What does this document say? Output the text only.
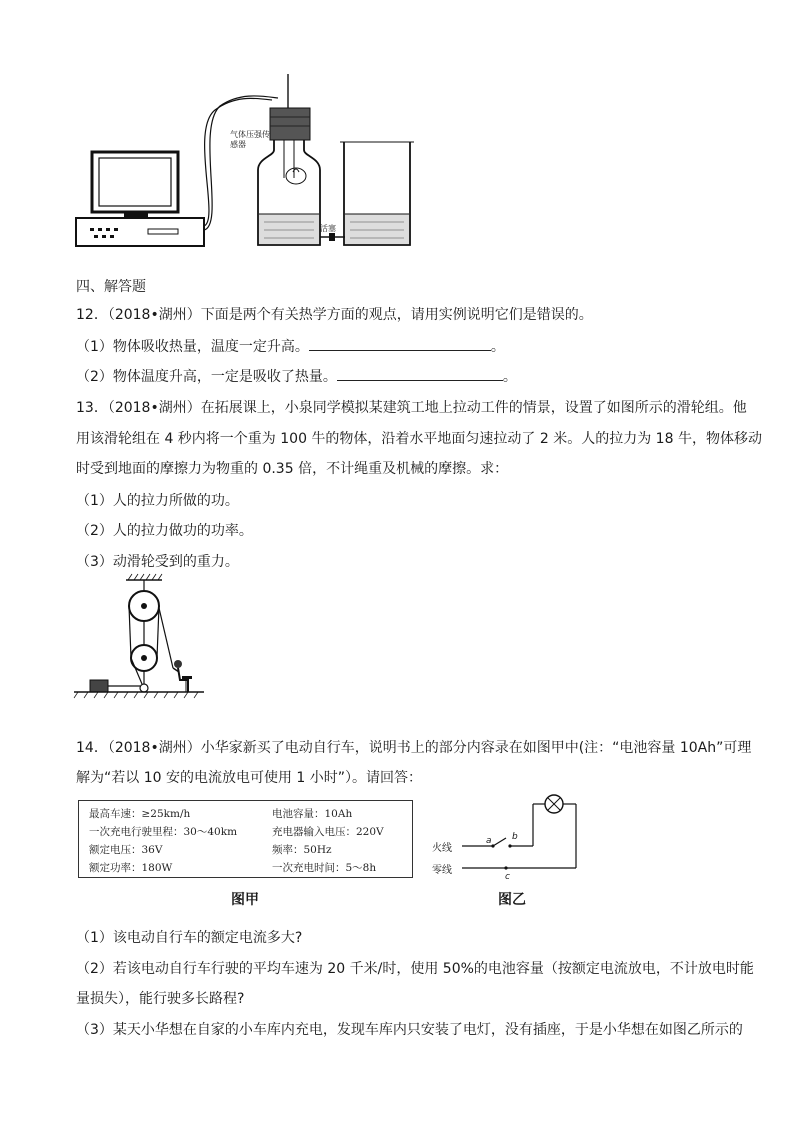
气体压强传感器
活塞
四、解答题
12．（2018•湖州）下面是两个有关热学方面的观点，请用实例说明它们是错误的。
（1）物体吸收热量，温度一定升高。	。
（2）物体温度升高，一定是吸收了热量。	。
13．（2018•湖州）在拓展课上，小泉同学模拟某建筑工地上拉动工件的情景，设置了如图所示的滑轮组。他
用该滑轮组在 4 秒内将一个重为 100 牛的物体，沿着水平地面匀速拉动了 2 米。人的拉力为 18 牛，物体移动
时受到地面的摩擦力为物重的 0.35 倍，不计绳重及机械的摩擦。求：
（1）人的拉力所做的功。
（2）人的拉力做功的功率。
（3）动滑轮受到的重力。
14．（2018•湖州）小华家新买了电动自行车，说明书上的部分内容录在如图甲中(注：“电池容量 10Ah”可理
解为“若以 10 安的电流放电可使用 1 小时”）。请回答：
最高车速：≥25km/h
一次充电行驶里程：30～40km
额定电压：36V
额定功率：180W
电池容量：10Ah
充电器输入电压：220V
频率：50Hz
一次充电时间：5～8h
图甲
火线
零线
a b
c
图乙
（1）该电动自行车的额定电流多大?
（2）若该电动自行车行驶的平均车速为 20 千米/时，使用 50%的电池容量（按额定电流放电，不计放电时能
量损失），能行驶多长路程?
（3）某天小华想在自家的小车库内充电，发现车库内只安装了电灯，没有插座，于是小华想在如图乙所示的
